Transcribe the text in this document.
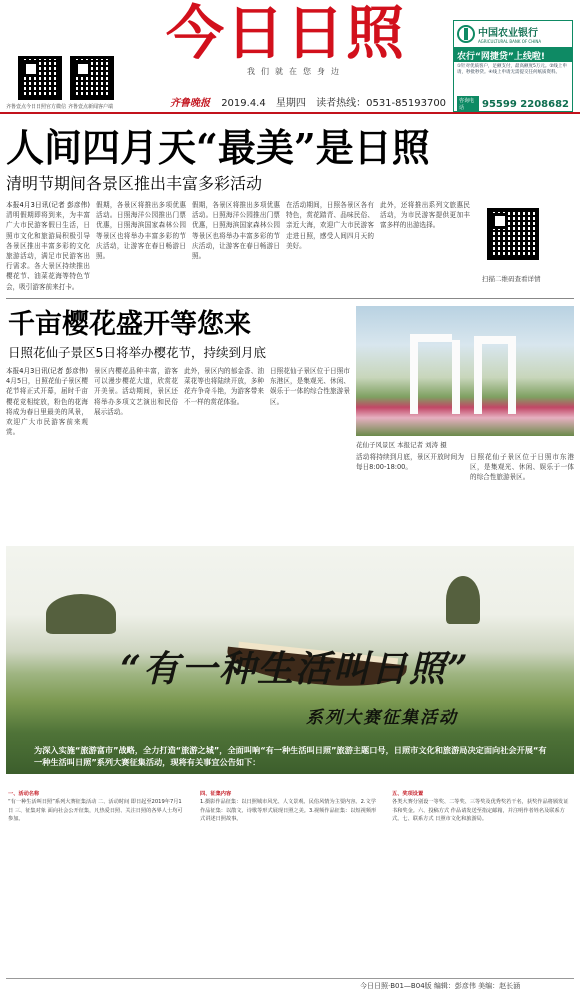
齐鲁壹点今日日照官方微信 齐鲁壹点新闻客户端
今日日照
我们就在您身边
齐鲁晚报 2019.4.4 星期四 读者热线：0531-85193700
中国农业银行
AGRICULTURAL BANK OF CHINA
农行“网捷贷”上线啦!
①针对优质客户，足额支付，最高额度5万元。②线上申请，秒批秒贷。④线上申请无需提交任何纸质资料。
咨询电话	95599 2208682
人间四月天“最美”是日照
清明节期间各景区推出丰富多彩活动
本报4月3日讯(记者 彭彦伟) 清明假期即将到来，为丰富广大市民游客假日生活，日照市文化和旅游局积极引导各景区推出丰富多彩的文化旅游活动，满足市民游客出行需求。各大景区持续推出樱花节、油菜花海等特色节会，吸引游客前来打卡。
假期，各景区将推出多项优惠活动。日照海洋公园推出门票优惠，日照海滨国家森林公园等景区也将举办丰富多彩的节庆活动，让游客在春日畅游日照。
假期，各景区将推出多项优惠活动。日照海洋公园推出门票优惠，日照海滨国家森林公园等景区也将举办丰富多彩的节庆活动，让游客在春日畅游日照。
在活动期间，日照各景区各有特色，赏花踏青、品味民俗、亲近大海，欢迎广大市民游客走进日照，感受人间四月天的美好。
此外，还将推出系列文旅惠民活动，为市民游客提供更加丰富多样的出游选择。
扫描二维码查看详情
千亩樱花盛开等您来
日照花仙子景区5日将举办樱花节，持续到月底
本报4月3日讯(记者 彭彦伟) 4月5日，日照花仙子景区樱花节将正式开幕，届时千亩樱花竞相绽放，粉色的花海将成为春日里最美的风景，欢迎广大市民游客前来观赏。
景区内樱花品种丰富，游客可以漫步樱花大道，欣赏花开美景。活动期间，景区还将举办多项文艺演出和民俗展示活动。
此外，景区内的郁金香、油菜花等也将陆续开放，多种花卉争奇斗艳，为游客带来不一样的赏花体验。
日照花仙子景区位于日照市东港区，是集观光、休闲、娱乐于一体的综合性旅游景区。
花仙子风景区 本报记者 刘涛 摄
活动将持续到月底，景区开放时间为每日8:00-18:00。
日照花仙子景区位于日照市东港区，是集观光、休闲、娱乐于一体的综合性旅游景区。
“有一种生活叫日照”
系列大赛征集活动
为深入实施“旅游富市”战略，全力打造“旅游之城”，全面叫响“有一种生活叫日照”旅游主题口号，日照市文化和旅游局决定面向社会开展“有一种生活叫日照”系列大赛征集活动，现将有关事宜公告如下：
一、活动名称
“有一种生活叫日照”系列大赛征集活动 二、活动时间 即日起至2019年7月1日 三、征集对象 面向社会公开征集，凡热爱日照、关注日照的各界人士均可参加。
四、征集内容
1.摄影作品征集：以日照城市风光、人文景观、民俗风情为主要内容。2.文学作品征集：以散文、诗歌等形式展现日照之美。3.视频作品征集：以短视频形式讲述日照故事。
五、奖项设置
各类大赛分别设一等奖、二等奖、三等奖及优秀奖若干名，获奖作品将颁发证书和奖金。六、投稿方式 作品请发送至指定邮箱，并注明作者姓名及联系方式。七、联系方式 日照市文化和旅游局。
今日日照·B01—B04版 编辑：彭彦伟 美编：赵长涵
